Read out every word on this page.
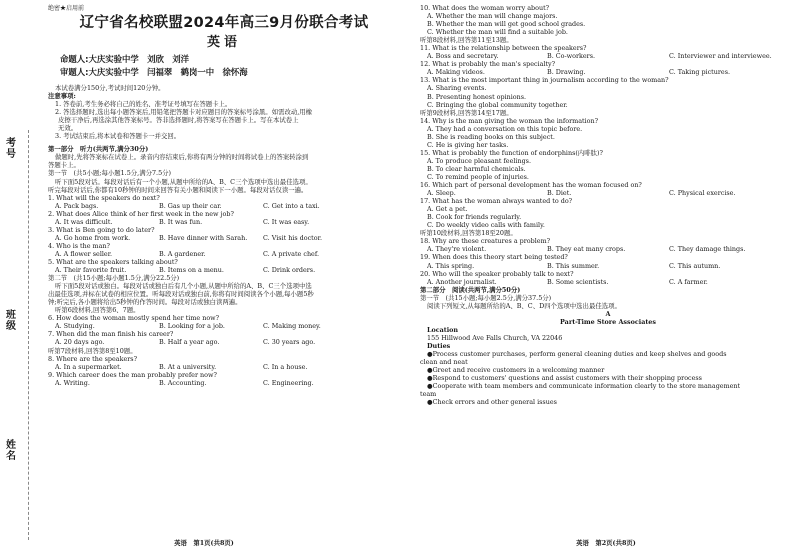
考号
班级
姓名
绝密★启用前
辽宁省名校联盟2024年高三9月份联合考试
英语
命题人:大庆实验中学　刘欣　刘洋
审题人:大庆实验中学　闫福翠　鹤岗一中　徐怀海
本试卷满分150分,考试时间120分钟。
注意事项:
1. 答卷前,考生务必将自己的姓名、准考证号填写在答题卡上。
2. 答选择题时,选出每小题答案后,用铅笔把答题卡对应题目的答案标号涂黑。如需改动,用橡
皮擦干净后,再选涂其他答案标号。答非选择题时,将答案写在答题卡上。写在本试卷上
无效。
3. 考试结束后,将本试卷和答题卡一并交回。
第一部分　听力(共两节,满分30分)
做题时,先将答案标在试卷上。录音内容结束后,你将有两分钟的时间将试卷上的答案转涂到
答题卡上。
第一节　(共5小题;每小题1.5分,满分7.5分)
听下面5段对话。每段对话后有一个小题,从题中所给的A、B、C三个选项中选出最佳选项。
听完每段对话后,你都有10秒钟的时间来回答有关小题和阅读下一小题。每段对话仅读一遍。
1. What will the speakers do next?
A. Pack bags.	B. Gas up their car.	C. Get into a taxi.
2. What does Alice think of her first week in the new job?
A. It was difficult.	B. It was fun.	C. It was easy.
3. What is Ben going to do later?
A. Go home from work.	B. Have dinner with Sarah.	C. Visit his doctor.
4. Who is the man?
A. A flower seller.	B. A gardener.	C. A private chef.
5. What are the speakers talking about?
A. Their favorite fruit.	B. Items on a menu.	C. Drink orders.
第二节　(共15小题;每小题1.5分,满分22.5分)
听下面5段对话或独白。每段对话或独白后有几个小题,从题中所给的A、B、C三个选项中选
出最佳选项,并标在试卷的相应位置。听每段对话或独白前,你将有时间阅读各个小题,每小题5秒
钟;听完后,各小题将给出5秒钟的作答时间。每段对话或独白读两遍。
听第6段材料,回答第6、7题。
6. How does the woman mostly spend her time now?
A. Studying.	B. Looking for a job.	C. Making money.
7. When did the man finish his career?
A. 20 days ago.	B. Half a year ago.	C. 30 years ago.
听第7段材料,回答第8至10题。
8. Where are the speakers?
A. In a supermarket.	B. At a university.	C. In a house.
9. Which career does the man probably prefer now?
A. Writing.	B. Accounting.	C. Engineering.
英语　第1页(共8页)
10. What does the woman worry about?
A. Whether the man will change majors.
B. Whether the man will get good school grades.
C. Whether the man will find a suitable job.
听第8段材料,回答第11至13题。
11. What is the relationship between the speakers?
A. Boss and secretary.	B. Co-workers.	C. Interviewer and interviewee.
12. What is probably the man's specialty?
A. Making videos.	B. Drawing.	C. Taking pictures.
13. What is the most important thing in journalism according to the woman?
A. Sharing events.
B. Presenting honest opinions.
C. Bringing the global community together.
听第9段材料,回答第14至17题。
14. Why is the man giving the woman the information?
A. They had a conversation on this topic before.
B. She is reading books on this subject.
C. He is giving her tasks.
15. What is probably the function of endorphins(内啡肽)?
A. To produce pleasant feelings.
B. To clear harmful chemicals.
C. To remind people of injuries.
16. Which part of personal development has the woman focused on?
A. Sleep.	B. Diet.	C. Physical exercise.
17. What has the woman always wanted to do?
A. Get a pet.
B. Cook for friends regularly.
C. Do weekly video calls with family.
听第10段材料,回答第18至20题。
18. Why are these creatures a problem?
A. They're violent.	B. They eat many crops.	C. They damage things.
19. When does this theory start being tested?
A. This spring.	B. This summer.	C. This autumn.
20. Who will the speaker probably talk to next?
A. Another journalist.	B. Some scientists.	C. A farmer.
第二部分　阅读(共两节,满分50分)
第一节　(共15小题;每小题2.5分,满分37.5分)
阅读下列短文,从每题所给的A、B、C、D四个选项中选出最佳选项。
A
Part-Time Store Associates
Location
155 Hillwood Ave Falls Church, VA 22046
Duties
●Process customer purchases, perform general cleaning duties and keep shelves and goods
clean and neat
●Greet and receive customers in a welcoming manner
●Respond to customers' questions and assist customers with their shopping process
●Cooperate with team members and communicate information clearly to the store management
team
●Check errors and other general issues
英语　第2页(共8页)
